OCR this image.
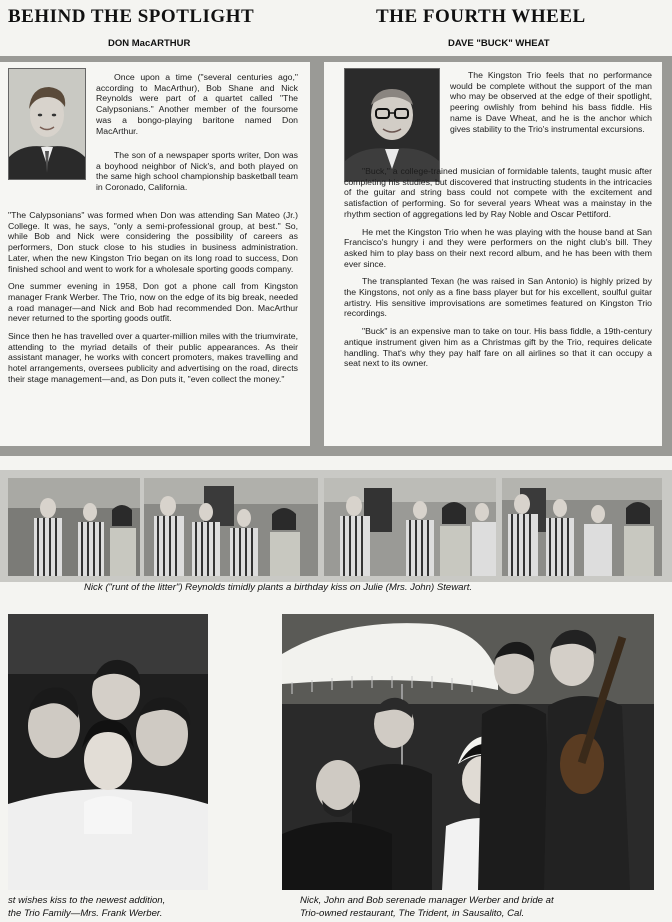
BEHIND THE SPOTLIGHT	THE FOURTH WHEEL
DON MacARTHUR	DAVE "BUCK" WHEAT

Once upon a time ("several centuries ago," according to MacArthur), Bob Shane and Nick Reynolds were part of a quartet called "The Calypsonians." Another member of the foursome was a bongo-playing baritone named Don MacArthur.

The son of a newspaper sports writer, Don was a boyhood neighbor of Nick's, and both played on the same high school championship basketball team in Coronado, California.

"The Calypsonians" was formed when Don was attending San Mateo (Jr.) College. It was, he says, "only a semi-professional group, at best." So, while Bob and Nick were considering the possibility of careers as performers, Don stuck close to his studies in business administration. Later, when the new Kingston Trio began on its long road to success, Don finished school and went to work for a wholesale sporting goods company.

One summer evening in 1958, Don got a phone call from Kingston manager Frank Werber. The Trio, now on the edge of its big break, needed a road manager—and Nick and Bob had recommended Don. MacArthur never returned to the sporting goods outfit.

Since then he has travelled over a quarter-million miles with the triumvirate, attending to the myriad details of their public appearances. As their assistant manager, he works with concert promoters, makes travelling and hotel arrangements, oversees publicity and advertising on the road, directs their stage management—and, as Don puts it, "even collect the money."

The Kingston Trio feels that no performance would be complete without the support of the man who may be observed at the edge of their spotlight, peering owlishly from behind his bass fiddle. His name is Dave Wheat, and he is the anchor which gives stability to the Trio's instrumental excursions.

"Buck," a college-trained musician of formidable talents, taught music after completing his studies, but discovered that instructing students in the intricacies of the guitar and string bass could not compete with the excitement and satisfaction of performing. So for several years Wheat was a mainstay in the rhythm section of aggregations led by Ray Noble and Oscar Pettiford.

He met the Kingston Trio when he was playing with the house band at San Francisco's hungry i and they were performers on the night club's bill. They asked him to play bass on their next record album, and he has been with them ever since.

The transplanted Texan (he was raised in San Antonio) is highly prized by the Kingstons, not only as a fine bass player but for his excellent, soulful guitar artistry. His sensitive improvisations are sometimes featured on Kingston Trio recordings.

"Buck" is an expensive man to take on tour. His bass fiddle, a 19th-century antique instrument given him as a Christmas gift by the Trio, requires delicate handling. That's why they pay half fare on all airlines so that it can occupy a seat next to its owner.

Nick ("runt of the litter") Reynolds timidly plants a birthday kiss on Julie (Mrs. John) Stewart.

st wishes kiss to the newest addition,
the Trio Family—Mrs. Frank Werber.

Nick, John and Bob serenade manager Werber and bride at
Trio-owned restaurant, The Trident, in Sausalito, Cal.
